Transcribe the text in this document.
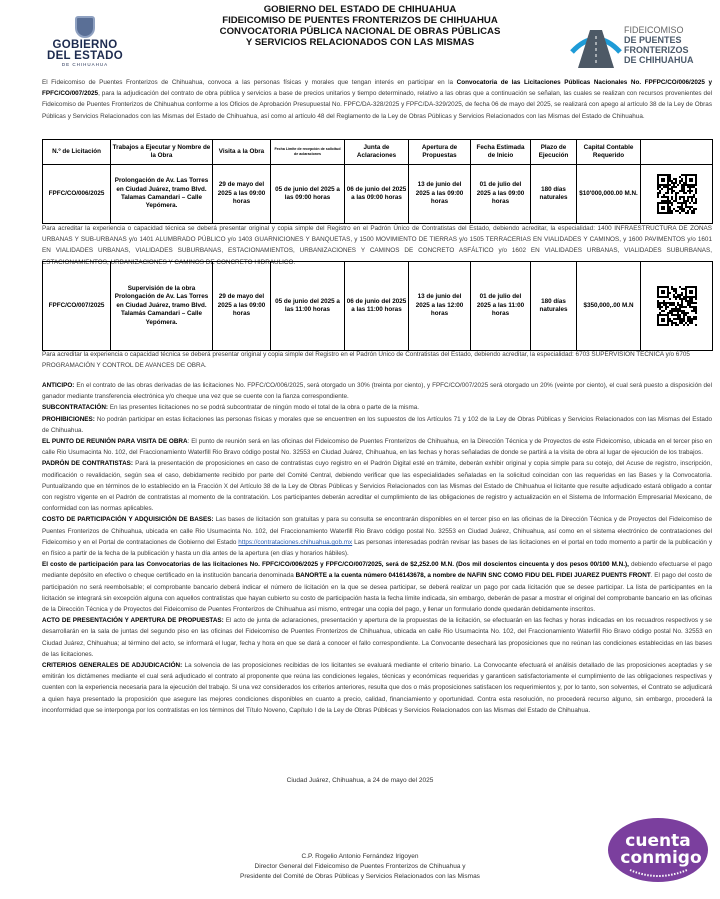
GOBIERNO DEL ESTADO DE CHIHUAHUA
FIDEICOMISO DE PUENTES FRONTERIZOS DE CHIHUAHUA
CONVOCATORIA PÚBLICA NACIONAL DE OBRAS PÚBLICAS
Y SERVICIOS RELACIONADOS CON LAS MISMAS
GOBIERNO
DEL ESTADO
DE CHIHUAHUA
FIDEICOMISO
DE PUENTES
FRONTERIZOS
DE CHIHUAHUA
El Fideicomiso de Puentes Fronterizos de Chihuahua, convoca a las personas físicas y morales que tengan interés en participar en la Convocatoria de las Licitaciones Públicas Nacionales No. FPFPC/CO/006/2025 y FPFC/CO/007/2025, para la adjudicación del contrato de obra pública y servicios a base de precios unitarios y tiempo determinado, relativo a las obras que a continuación se señalan, las cuales se realizan con recursos provenientes del Fideicomiso de Puentes Fronterizos de Chihuahua conforme a los Oficios de Aprobación Presupuestal No. FPFC/DA-328/2025 y FPFC/DA-329/2025, de fecha 06 de mayo del 2025, se realizará con apego al artículo 38 de la Ley de Obras Públicas y Servicios Relacionados con las Mismas del Estado de Chihuahua, así como al artículo 48 del Reglamento de la Ley de Obras Públicas y Servicios Relacionados con las Mismas del Estado de Chihuahua.
N.º de Licitación	Trabajos a Ejecutar y Nombre de la Obra	Visita a la Obra	Fecha Límite de recepción de solicitud de aclaraciones	Junta de Aclaraciones	Apertura de Propuestas	Fecha Estimada de Inicio	Plazo de Ejecución	Capital Contable Requerido	
FPFC/CO/006/2025	Prolongación de Av. Las Torres en Ciudad Juárez, tramo Blvd. Talamas Camandari – Calle Yepómera.	29 de mayo del 2025 a las 09:00 horas	05 de junio del 2025 a las 09:00 horas	06 de junio del 2025 a las 09:00 horas	13 de junio del 2025 a las 09:00 horas	01 de julio del 2025 a las 09:00 horas	180 días naturales	$10'000,000.00 M.N.	
Para acreditar la experiencia o capacidad técnica se deberá presentar original y copia simple del Registro en el Padrón Único de Contratistas del Estado, debiendo acreditar, la especialidad: 1400 INFRAESTRUCTURA DE ZONAS URBANAS Y SUB-URBANAS y/o 1401 ALUMBRADO PÚBLICO y/o 1403 GUARNICIONES Y BANQUETAS, y 1500 MOVIMIENTO DE TIERRAS y/o 1505 TERRACERIAS EN VIALIDADES Y CAMINOS, y 1600 PAVIMENTOS y/o 1601 EN VIALIDADES URBANAS, VIALIDADES SUBURBANAS, ESTACIONAMIENTOS, URBANIZACIONES Y CAMINOS DE CONCRETO ASFÁLTICO y/o 1602 EN VIALIDADES URBANAS, VIALIDADES SUBURBANAS, ESTACIONAMIENTOS, URBANIZACIONES Y CAMINOS DE CONCRETO HIDRAULICO.
FPFC/CO/007/2025	Supervisión de la obra Prolongación de Av. Las Torres en Ciudad Juárez, tramo Blvd. Talamás Camandari – Calle Yepómera.	29 de mayo del 2025 a las 09:00 horas	05 de junio del 2025 a las 11:00 horas	06 de junio del 2025 a las 11:00 horas	13 de junio del 2025 a las 12:00 horas	01 de julio del 2025 a las 11:00 horas	180 días naturales	$350,000,.00 M.N	
Para acreditar la experiencia o capacidad técnica se deberá presentar original y copia simple del Registro en el Padrón Único de Contratistas del Estado, debiendo acreditar, la especialidad: 6703 SUPERVISIÓN TÉCNICA y/o 6705 PROGRAMACIÓN Y CONTROL DE AVANCES DE OBRA.
ANTICIPO: En el contrato de las obras derivadas de las licitaciones No. FPFC/CO/006/2025, será otorgado un 30% (treinta por ciento), y FPFC/CO/007/2025 será otorgado un 20% (veinte por ciento), el cual será puesto a disposición del ganador mediante transferencia electrónica y/o cheque una vez que se cuente con la fianza correspondiente.
SUBCONTRATACIÓN: En las presentes licitaciones no se podrá subcontratar de ningún modo el total de la obra o parte de la misma.
PROHIBICIONES: No podrán participar en estas licitaciones las personas físicas y morales que se encuentren en los supuestos de los Artículos 71 y 102 de la Ley de Obras Públicas y Servicios Relacionados con las Mismas del Estado de Chihuahua.
EL PUNTO DE REUNIÓN PARA VISITA DE OBRA: El punto de reunión será en las oficinas del Fideicomiso de Puentes Fronterizos de Chihuahua, en la Dirección Técnica y de Proyectos de este Fideicomiso, ubicada en el tercer piso en calle Rio Usumacinta No. 102, del Fraccionamiento Waterfill Rio Bravo código postal No. 32553 en Ciudad Juárez, Chihuahua, en las fechas y horas señaladas de donde se partirá a la visita de obra al lugar de ejecución de los trabajos.
PADRÓN DE CONTRATISTAS: Pará la presentación de proposiciones en caso de contratistas cuyo registro en el Padrón Digital esté en trámite, deberán exhibir original y copia simple para su cotejo, del Acuse de registro, inscripción, modificación o revalidación, según sea el caso, debidamente recibido por parte del Comité Central, debiendo verificar que las especialidades señaladas en la solicitud coincidan con las requeridas en las Bases y la Convocatoria. Puntualizando que en términos de lo establecido en la Fracción X del Artículo 38 de la Ley de Obras Públicas y Servicios Relacionados con las Mismas del Estado de Chihuahua el licitante que resulte adjudicado estará obligado a contar con registro vigente en el Padrón de contratistas al momento de la contratación. Los participantes deberán acreditar el cumplimiento de las obligaciones de registro y actualización en el Sistema de Información Empresarial Mexicano, de conformidad con las normas aplicables.
COSTO DE PARTICIPACIÓN Y ADQUISICIÓN DE BASES: Las bases de licitación son gratuitas y para su consulta se encontrarán disponibles en el tercer piso en las oficinas de la Dirección Técnica y de Proyectos del Fideicomiso de Puentes Fronterizos de Chihuahua, ubicada en calle Rio Usumacinta No. 102, del Fraccionamiento Waterfill Rio Bravo código postal No. 32553 en Ciudad Juárez, Chihuahua, así como en el sistema electrónico de contrataciones del Fideicomiso y en el Portal de contrataciones de Gobierno del Estado https://contrataciones.chihuahua.gob.mx Las personas interesadas podrán revisar las bases de las licitaciones en el portal en todo momento a partir de la publicación y en físico a partir de la fecha de la publicación y hasta un día antes de la apertura (en días y horarios hábiles).
El costo de participación para las Convocatorias de las licitaciones No. FPFC/CO/006/2025 y FPFC/CO/007/2025, será de $2,252.00 M.N. (Dos mil doscientos cincuenta y dos pesos 00/100 M.N.), debiendo efectuarse el pago mediante depósito en efectivo o cheque certificado en la institución bancaria denominada BANORTE a la cuenta número 0416143678, a nombre de NAFIN SNC COMO FIDU DEL FIDEI JUAREZ PUENTS FRONT. El pago del costo de participación no será reembolsable; el comprobante bancario deberá indicar el número de licitación en la que se desea participar, se deberá realizar un pago por cada licitación que se desee participar. La lista de participantes en la licitación se integrará sin excepción alguna con aquellos contratistas que hayan cubierto su costo de participación hasta la fecha límite indicada, sin embargo, deberán de pasar a mostrar el original del comprobante bancario en las oficinas de la Dirección Técnica y de Proyectos del Fideicomiso de Puentes Fronterizos de Chihuahua así mismo, entregar una copia del pago, y llenar un formulario donde quedarán debidamente inscritos.
ACTO DE PRESENTACIÓN Y APERTURA DE PROPUESTAS: El acto de junta de aclaraciones, presentación y apertura de la propuestas de la licitación, se efectuarán en las fechas y horas indicadas en los recuadros respectivos y se desarrollarán en la sala de juntas del segundo piso en las oficinas del Fideicomiso de Puentes Fronterizos de Chihuahua, ubicada en calle Rio Usumacinta No. 102, del Fraccionamiento Waterfill Rio Bravo código postal No. 32553 en Ciudad Juárez, Chihuahua; al término del acto, se informará el lugar, fecha y hora en que se dará a conocer el fallo correspondiente. La Convocante desechará las proposiciones que no reúnan las condiciones establecidas en las bases de las licitaciones.
CRITERIOS GENERALES DE ADJUDICACIÓN: La solvencia de las proposiciones recibidas de los licitantes se evaluará mediante el criterio binario. La Convocante efectuará el análisis detallado de las proposiciones aceptadas y se emitirán los dictámenes mediante el cual será adjudicado el contrato al proponente que reúna las condiciones legales, técnicas y económicas requeridas y garanticen satisfactoriamente el cumplimiento de las obligaciones respectivas y cuenten con la experiencia necesaria para la ejecución del trabajo. Si una vez considerados los criterios anteriores, resulta que dos o más proposiciones satisfacen los requerimientos y, por lo tanto, son solventes, el Contrato se adjudicará a quien haya presentado la proposición que asegure las mejores condiciones disponibles en cuanto a precio, calidad, financiamiento y oportunidad. Contra esta resolución, no procederá recurso alguno, sin embargo, procederá la inconformidad que se interponga por los contratistas en los términos del Título Noveno, Capítulo I de la Ley de Obras Públicas y Servicios Relacionados con las Mismas del Estado de Chihuahua.
Ciudad Juárez, Chihuahua, a 24 de mayo del 2025
C.P. Rogelio Antonio Fernández Irigoyen
Director General del Fideicomiso de Puentes Fronterizos de Chihuahua y
Presidente del Comité de Obras Públicas y Servicios Relacionados con las Mismas
cuenta
conmigo
